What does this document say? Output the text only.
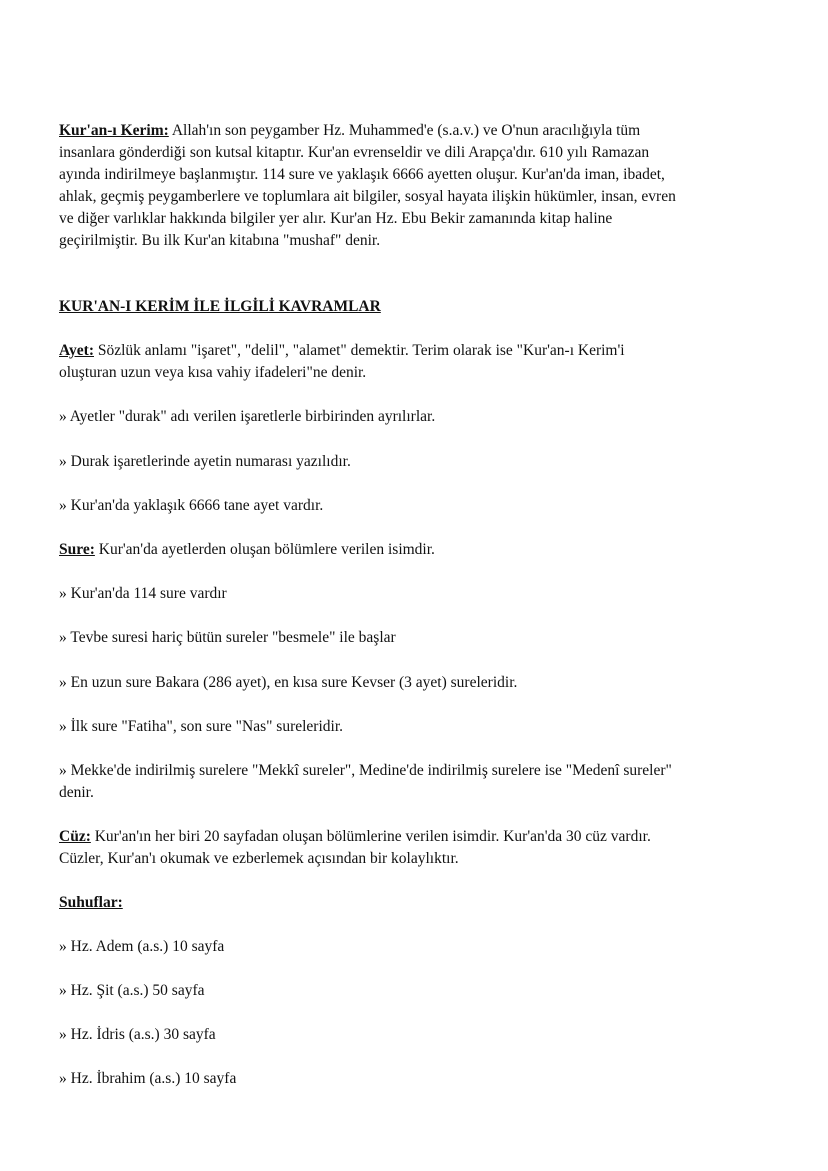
Kur'an-ı Kerim: Allah'ın son peygamber Hz. Muhammed'e (s.a.v.) ve O'nun aracılığıyla tüm
insanlara gönderdiği son kutsal kitaptır. Kur'an evrenseldir ve dili Arapça'dır. 610 yılı Ramazan
ayında indirilmeye başlanmıştır. 114 sure ve yaklaşık 6666 ayetten oluşur. Kur'an'da iman, ibadet,
ahlak, geçmiş peygamberlere ve toplumlara ait bilgiler, sosyal hayata ilişkin hükümler, insan, evren
ve diğer varlıklar hakkında bilgiler yer alır. Kur'an Hz. Ebu Bekir zamanında kitap haline
geçirilmiştir. Bu ilk Kur'an kitabına "mushaf" denir.

KUR'AN-I KERİM İLE İLGİLİ KAVRAMLAR

Ayet: Sözlük anlamı "işaret", "delil", "alamet" demektir. Terim olarak ise "Kur'an-ı Kerim'i
oluşturan uzun veya kısa vahiy ifadeleri"ne denir.

» Ayetler "durak" adı verilen işaretlerle birbirinden ayrılırlar.

» Durak işaretlerinde ayetin numarası yazılıdır.

» Kur'an'da yaklaşık 6666 tane ayet vardır.

Sure: Kur'an'da ayetlerden oluşan bölümlere verilen isimdir.

» Kur'an'da 114 sure vardır

» Tevbe suresi hariç bütün sureler "besmele" ile başlar

» En uzun sure Bakara (286 ayet), en kısa sure Kevser (3 ayet) sureleridir.

» İlk sure "Fatiha", son sure "Nas" sureleridir.

» Mekke'de indirilmiş surelere "Mekkî sureler", Medine'de indirilmiş surelere ise "Medenî sureler"
denir.

Cüz: Kur'an'ın her biri 20 sayfadan oluşan bölümlerine verilen isimdir. Kur'an'da 30 cüz vardır.
Cüzler, Kur'an'ı okumak ve ezberlemek açısından bir kolaylıktır.

Suhuflar:

» Hz. Adem (a.s.) 10 sayfa

» Hz. Şit (a.s.) 50 sayfa

» Hz. İdris (a.s.) 30 sayfa

» Hz. İbrahim (a.s.) 10 sayfa
